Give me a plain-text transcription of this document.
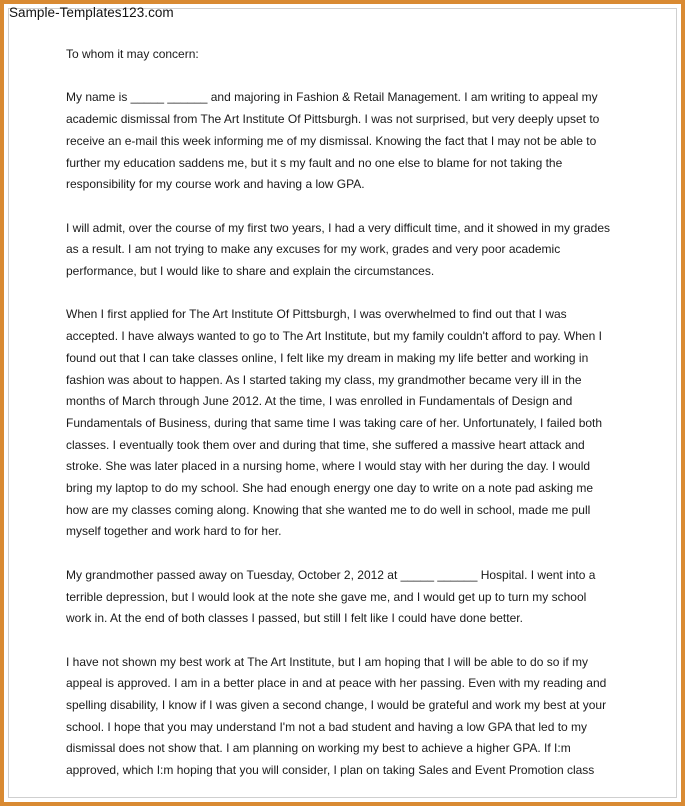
Sample-Templates123.com
To whom it may concern:
My name is _____ ______ and majoring in Fashion & Retail Management. I am writing to appeal my
academic dismissal from The Art Institute Of Pittsburgh. I was not surprised, but very deeply upset to
receive an e-mail this week informing me of my dismissal. Knowing the fact that I may not be able to
further my education saddens me, but it s my fault and no one else to blame for not taking the
responsibility for my course work and having a low GPA.
I will admit, over the course of my first two years, I had a very difficult time, and it showed in my grades
as a result. I am not trying to make any excuses for my work, grades and very poor academic
performance, but I would like to share and explain the circumstances.
When I first applied for The Art Institute Of Pittsburgh, I was overwhelmed to find out that I was
accepted. I have always wanted to go to The Art Institute, but my family couldn't afford to pay. When I
found out that I can take classes online, I felt like my dream in making my life better and working in
fashion was about to happen. As I started taking my class, my grandmother became very ill in the
months of March through June 2012. At the time, I was enrolled in Fundamentals of Design and
Fundamentals of Business, during that same time I was taking care of her. Unfortunately, I failed both
classes. I eventually took them over and during that time, she suffered a massive heart attack and
stroke. She was later placed in a nursing home, where I would stay with her during the day. I would
bring my laptop to do my school. She had enough energy one day to write on a note pad asking me
how are my classes coming along. Knowing that she wanted me to do well in school, made me pull
myself together and work hard to for her.
My grandmother passed away on Tuesday, October 2, 2012 at _____ ______ Hospital. I went into a
terrible depression, but I would look at the note she gave me, and I would get up to turn my school
work in. At the end of both classes I passed, but still I felt like I could have done better.
I have not shown my best work at The Art Institute, but I am hoping that I will be able to do so if my
appeal is approved. I am in a better place in and at peace with her passing. Even with my reading and
spelling disability, I know if I was given a second change, I would be grateful and work my best at your
school. I hope that you may understand I'm not a bad student and having a low GPA that led to my
dismissal does not show that. I am planning on working my best to achieve a higher GPA. If I:m
approved, which I:m hoping that you will consider, I plan on taking Sales and Event Promotion class
